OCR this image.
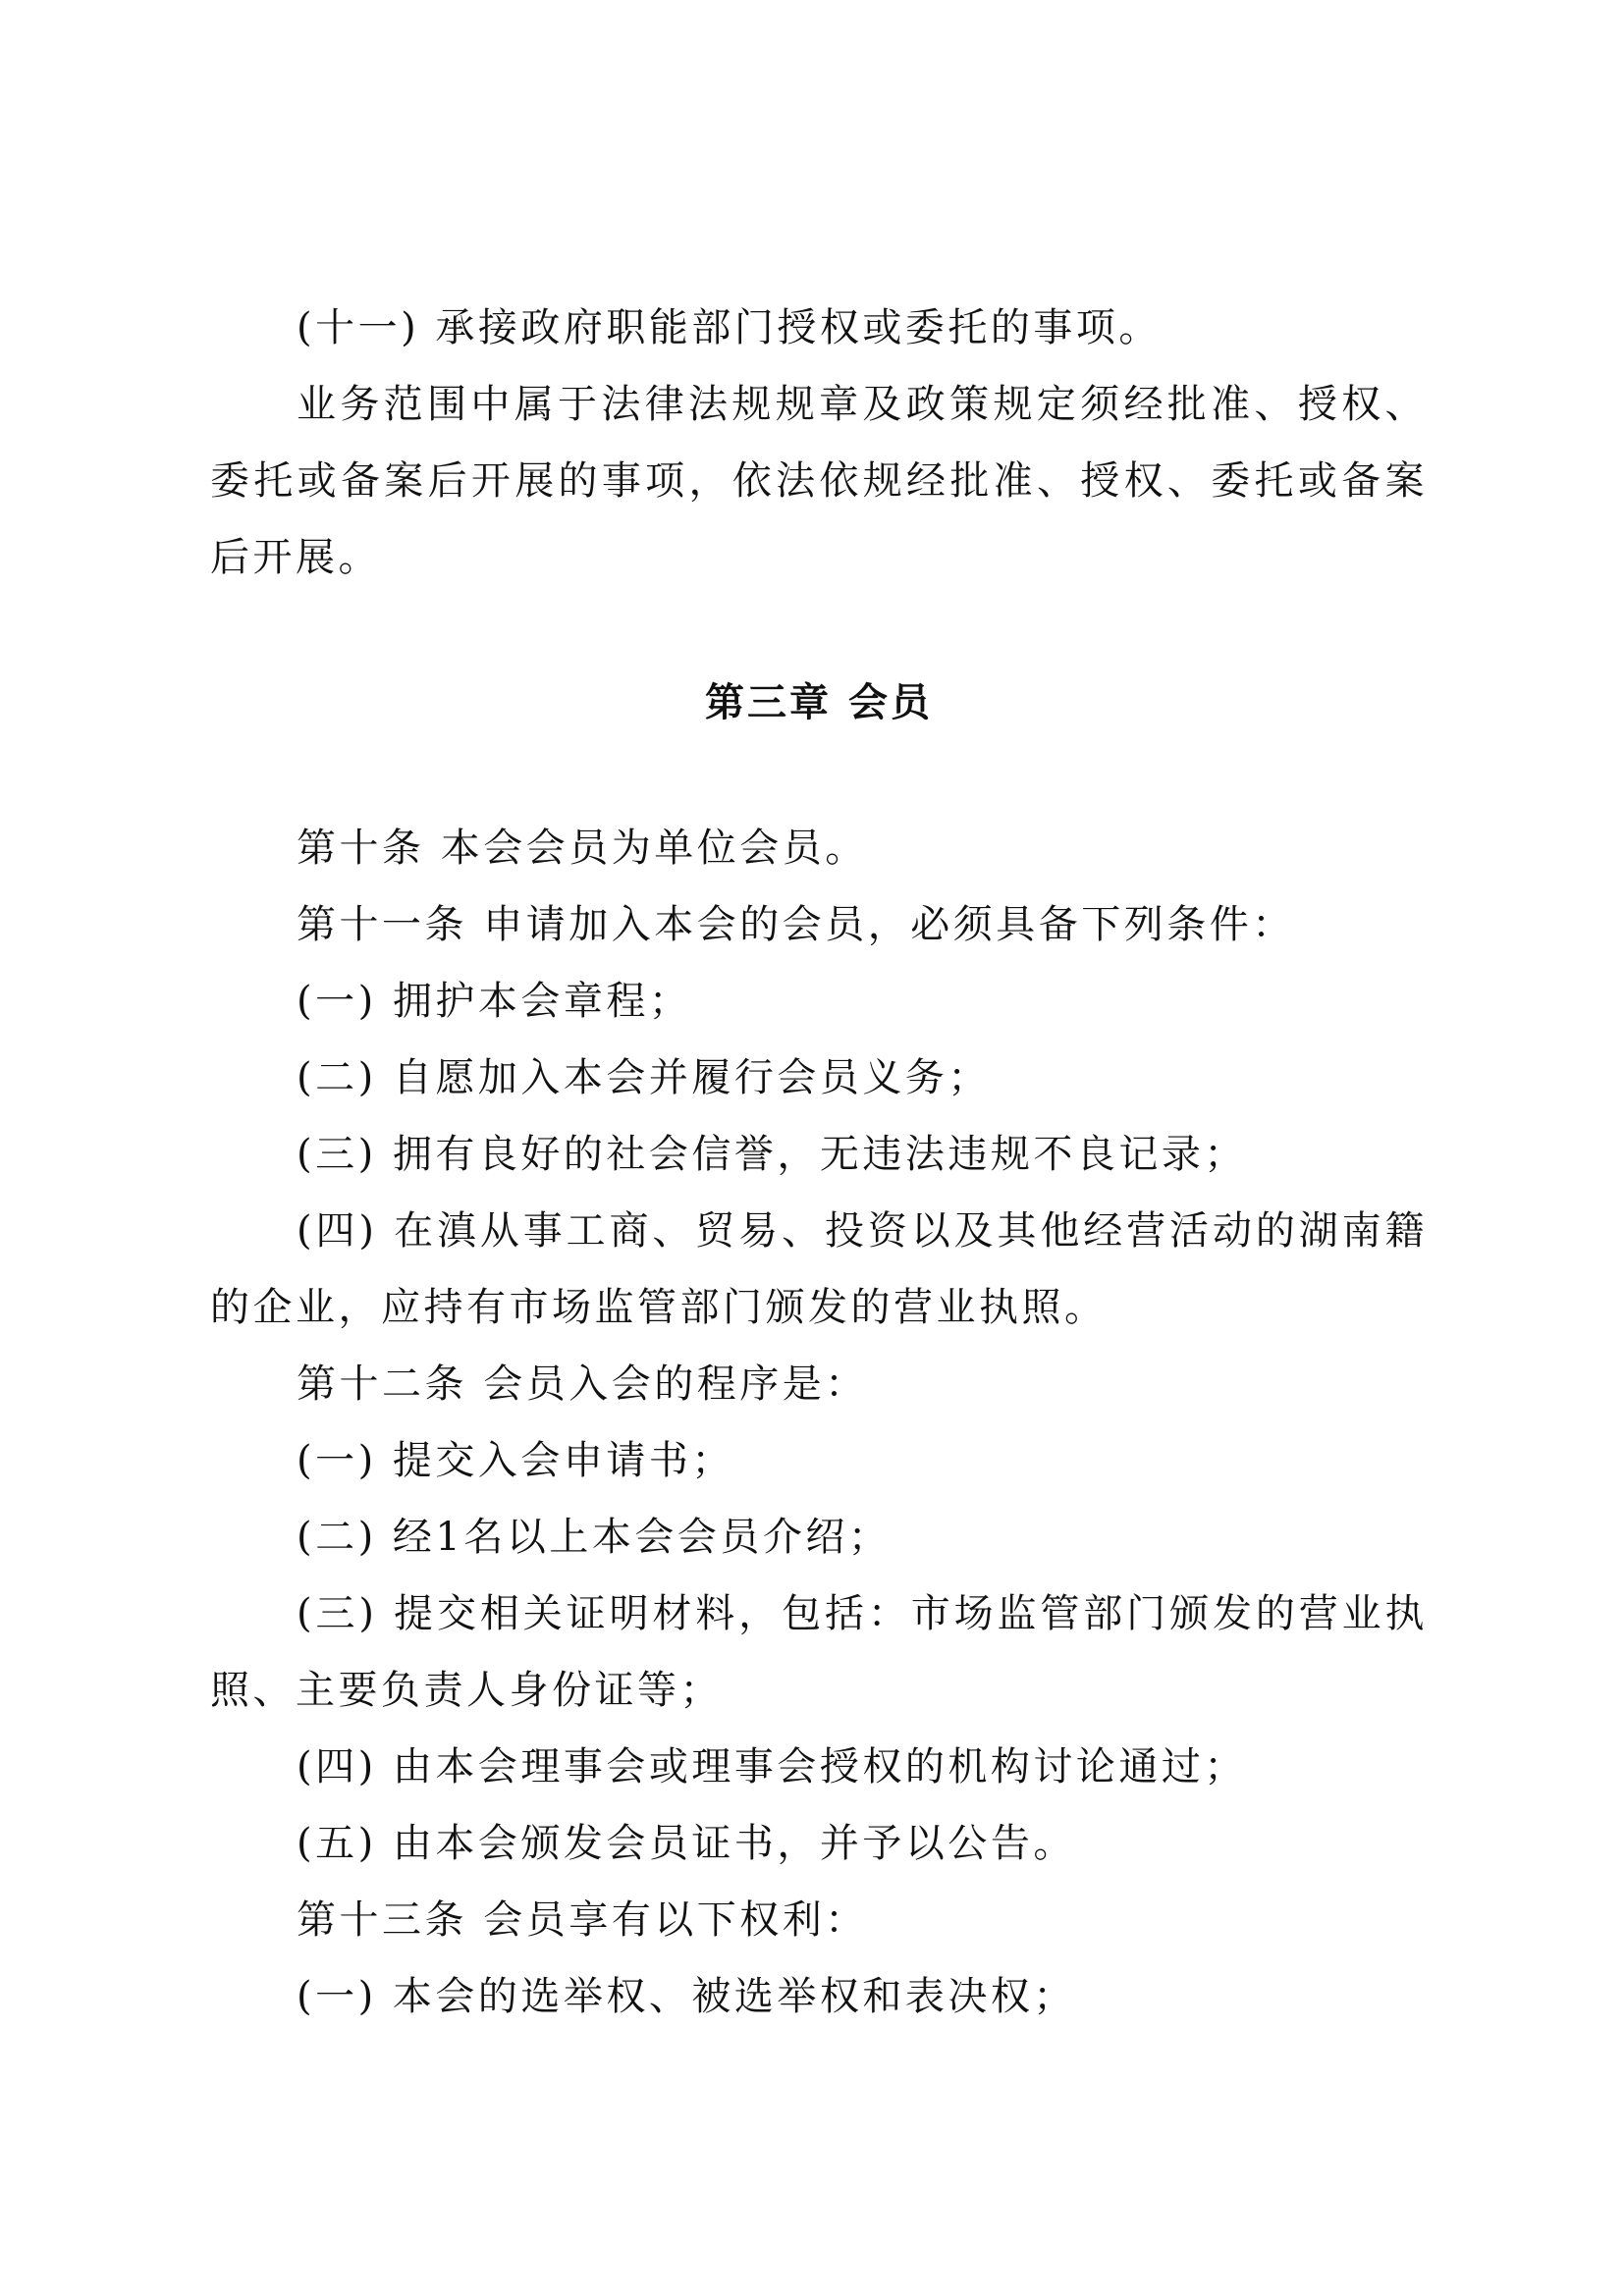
(十一) 承接政府职能部门授权或委托的事项。

业务范围中属于法律法规规章及政策规定须经批准、授权、委托或备案后开展的事项，依法依规经批准、授权、委托或备案后开展。

第三章 会员

第十条 本会会员为单位会员。

第十一条 申请加入本会的会员，必须具备下列条件：

(一) 拥护本会章程；

(二) 自愿加入本会并履行会员义务；

(三) 拥有良好的社会信誉，无违法违规不良记录；

(四) 在滇从事工商、贸易、投资以及其他经营活动的湖南籍的企业，应持有市场监管部门颁发的营业执照。

第十二条 会员入会的程序是：

(一) 提交入会申请书；

(二) 经1名以上本会会员介绍；

(三) 提交相关证明材料，包括：市场监管部门颁发的营业执照、主要负责人身份证等；

(四) 由本会理事会或理事会授权的机构讨论通过；

(五) 由本会颁发会员证书，并予以公告。

第十三条 会员享有以下权利：

(一) 本会的选举权、被选举权和表决权；
